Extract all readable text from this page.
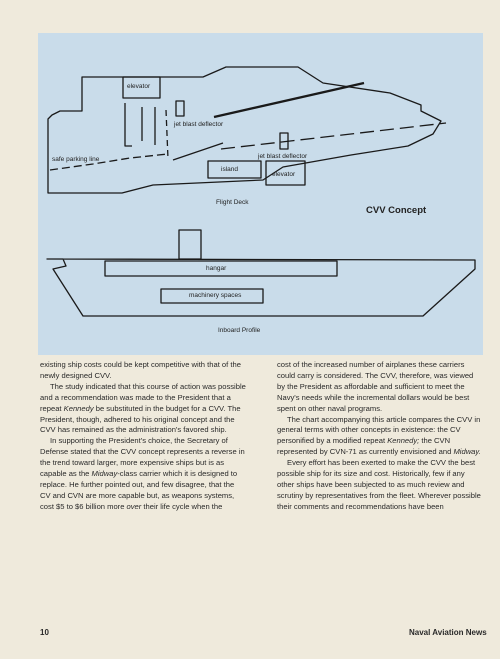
elevator
jet blast deflector
safe parking line
island
elevator
jet blast deflector
Flight Deck
CVV Concept
hangar
machinery spaces
Inboard Profile

existing ship costs could be kept competitive with that of the newly designed CVV.

The study indicated that this course of action was possible and a recommendation was made to the President that a repeat Kennedy be substituted in the budget for a CVV. The President, though, adhered to his original concept and the CVV has remained as the administration's favored ship.

In supporting the President's choice, the Secretary of Defense stated that the CVV concept represents a reverse in the trend toward larger, more expensive ships but is as capable as the Midway-class carrier which it is designed to replace. He further pointed out, and few disagree, that the CV and CVN are more capable but, as weapons systems, cost $5 to $6 billion more over their life cycle when the

cost of the increased number of airplanes these carriers could carry is considered. The CVV, therefore, was viewed by the President as affordable and sufficient to meet the Navy's needs while the incremental dollars would be best spent on other naval programs.

The chart accompanying this article compares the CVV in general terms with other concepts in existence: the CV personified by a modified repeat Kennedy; the CVN represented by CVN-71 as currently envisioned and Midway.

Every effort has been exerted to make the CVV the best possible ship for its size and cost. Historically, few if any other ships have been subjected to as much review and scrutiny by representatives from the fleet. Wherever possible their comments and recommendations have been

10	Naval Aviation News
